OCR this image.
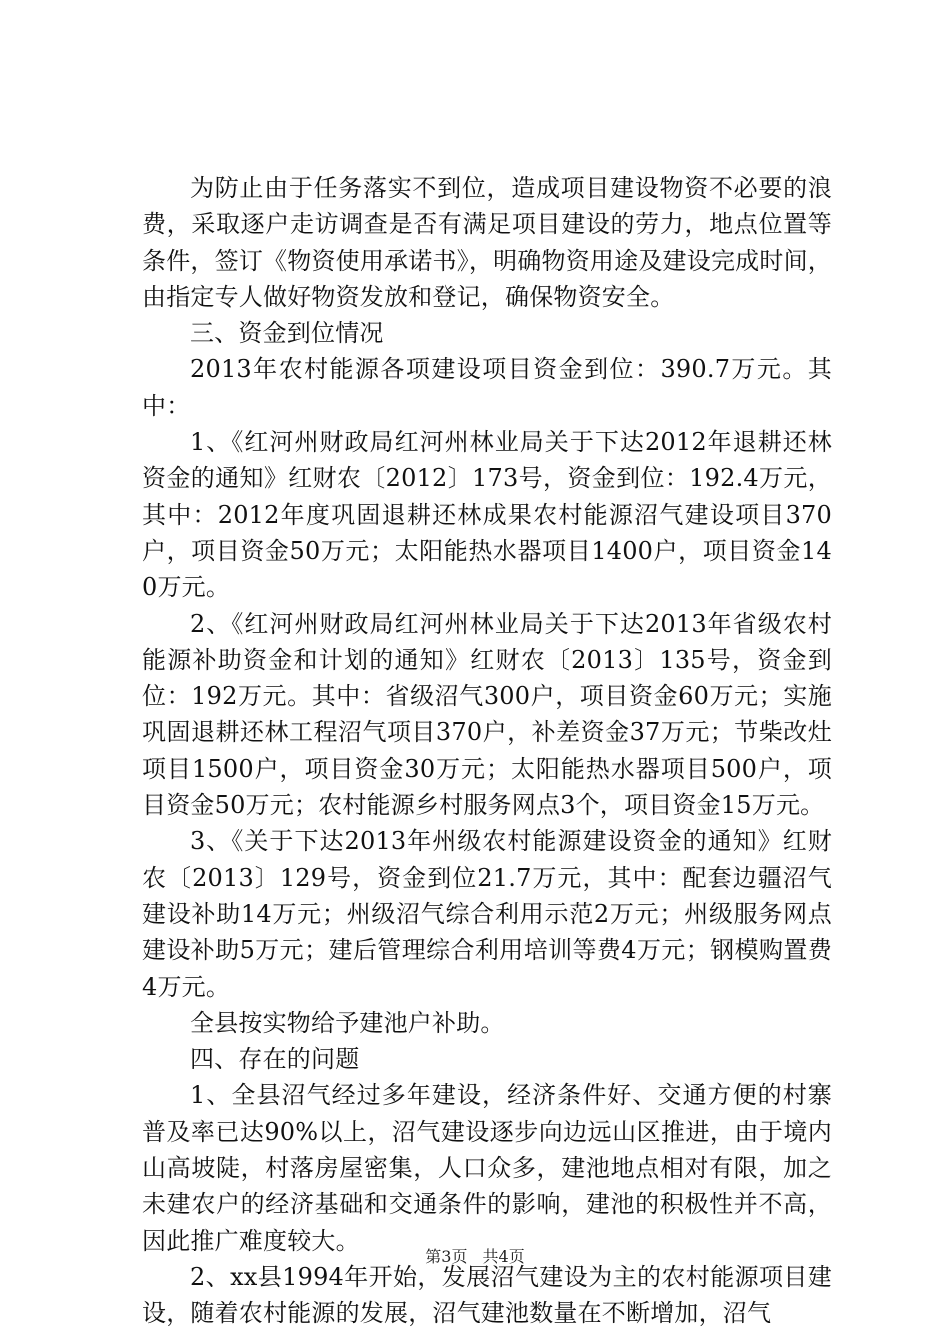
为防止由于任务落实不到位，造成项目建设物资不必要的浪费，采取逐户走访调查是否有满足项目建设的劳力，地点位置等条件，签订《物资使用承诺书》，明确物资用途及建设完成时间，由指定专人做好物资发放和登记，确保物资安全。

三、资金到位情况

2013年农村能源各项建设项目资金到位：390.7万元。其中：

1、《红河州财政局红河州林业局关于下达2012年退耕还林资金的通知》红财农〔2012〕173号，资金到位：192.4万元，其中：2012年度巩固退耕还林成果农村能源沼气建设项目370户，项目资金50万元；太阳能热水器项目1400户，项目资金140万元。

2、《红河州财政局红河州林业局关于下达2013年省级农村能源补助资金和计划的通知》红财农〔2013〕135号，资金到位：192万元。其中：省级沼气300户，项目资金60万元；实施巩固退耕还林工程沼气项目370户，补差资金37万元；节柴改灶项目1500户，项目资金30万元；太阳能热水器项目500户，项目资金50万元；农村能源乡村服务网点3个，项目资金15万元。

3、《关于下达2013年州级农村能源建设资金的通知》红财农〔2013〕129号，资金到位21.7万元，其中：配套边疆沼气建设补助14万元；州级沼气综合利用示范2万元；州级服务网点建设补助5万元；建后管理综合利用培训等费4万元；钢模购置费4万元。

全县按实物给予建池户补助。

四、存在的问题

1、全县沼气经过多年建设，经济条件好、交通方便的村寨普及率已达90%以上，沼气建设逐步向边远山区推进，由于境内山高坡陡，村落房屋密集，人口众多，建池地点相对有限，加之未建农户的经济基础和交通条件的影响，建池的积极性并不高，因此推广难度较大。

2、xx县1994年开始，发展沼气建设为主的农村能源项目建设，随着农村能源的发展，沼气建池数量在不断增加，沼气

第3页 共4页
